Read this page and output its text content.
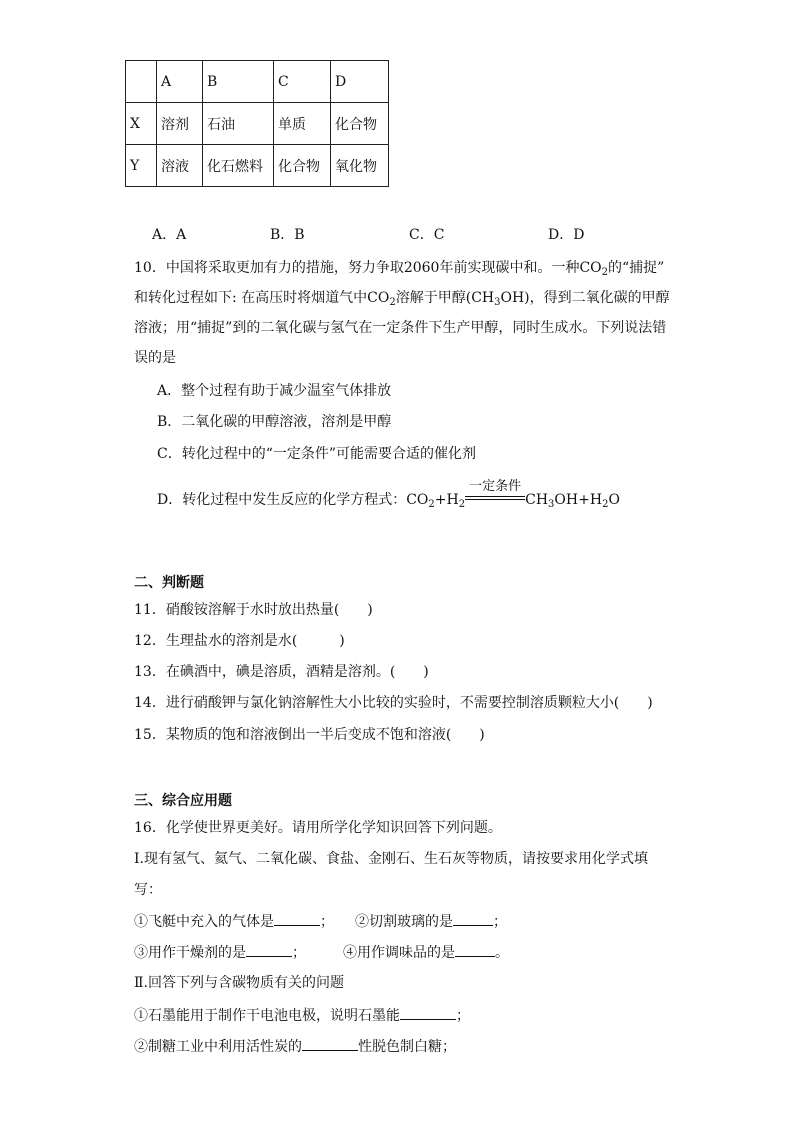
	A	B	C	D
X	溶剂	石油	单质	化合物
Y	溶液	化石燃料	化合物	氧化物
A．A	B．B	C．C	D．D
10．中国将采取更加有力的措施，努力争取2060年前实现碳中和。一种$CO_2$的“捕捉”
和转化过程如下: 在高压时将烟道气中$CO_2$溶解于甲醇$(CH_3OH)$，得到二氧化碳的甲醇
溶液；用“捕捉”到的二氧化碳与氢气在一定条件下生产甲醇，同时生成水。下列说法错
误的是
A．整个过程有助于减少温室气体排放
B．二氧化碳的甲醇溶液，溶剂是甲醇
C．转化过程中的“一定条件”可能需要合适的催化剂
D．转化过程中发生反应的化学方程式：$CO_2+H_2$
一定条件
$CH_3OH+H_2O$
二、判断题
11．硝酸铵溶解于水时放出热量(　　)
12．生理盐水的溶剂是水(　　　)
13．在碘酒中，碘是溶质，酒精是溶剂。(　　)
14．进行硝酸钾与氯化钠溶解性大小比较的实验时，不需要控制溶质颗粒大小(　　)
15．某物质的饱和溶液倒出一半后变成不饱和溶液(　　)
三、综合应用题
16．化学使世界更美好。请用所学化学知识回答下列问题。
Ⅰ.现有氢气、氦气、二氧化碳、食盐、金刚石、生石灰等物质，请按要求用化学式填
写：
①飞艇中充入的气体是	； ②切割玻璃的是	；
③用作干燥剂的是	；	④用作调味品的是	。
Ⅱ.回答下列与含碳物质有关的问题
①石墨能用于制作干电池电极，说明石墨能	；
②制糖工业中利用活性炭的	性脱色制白糖；
